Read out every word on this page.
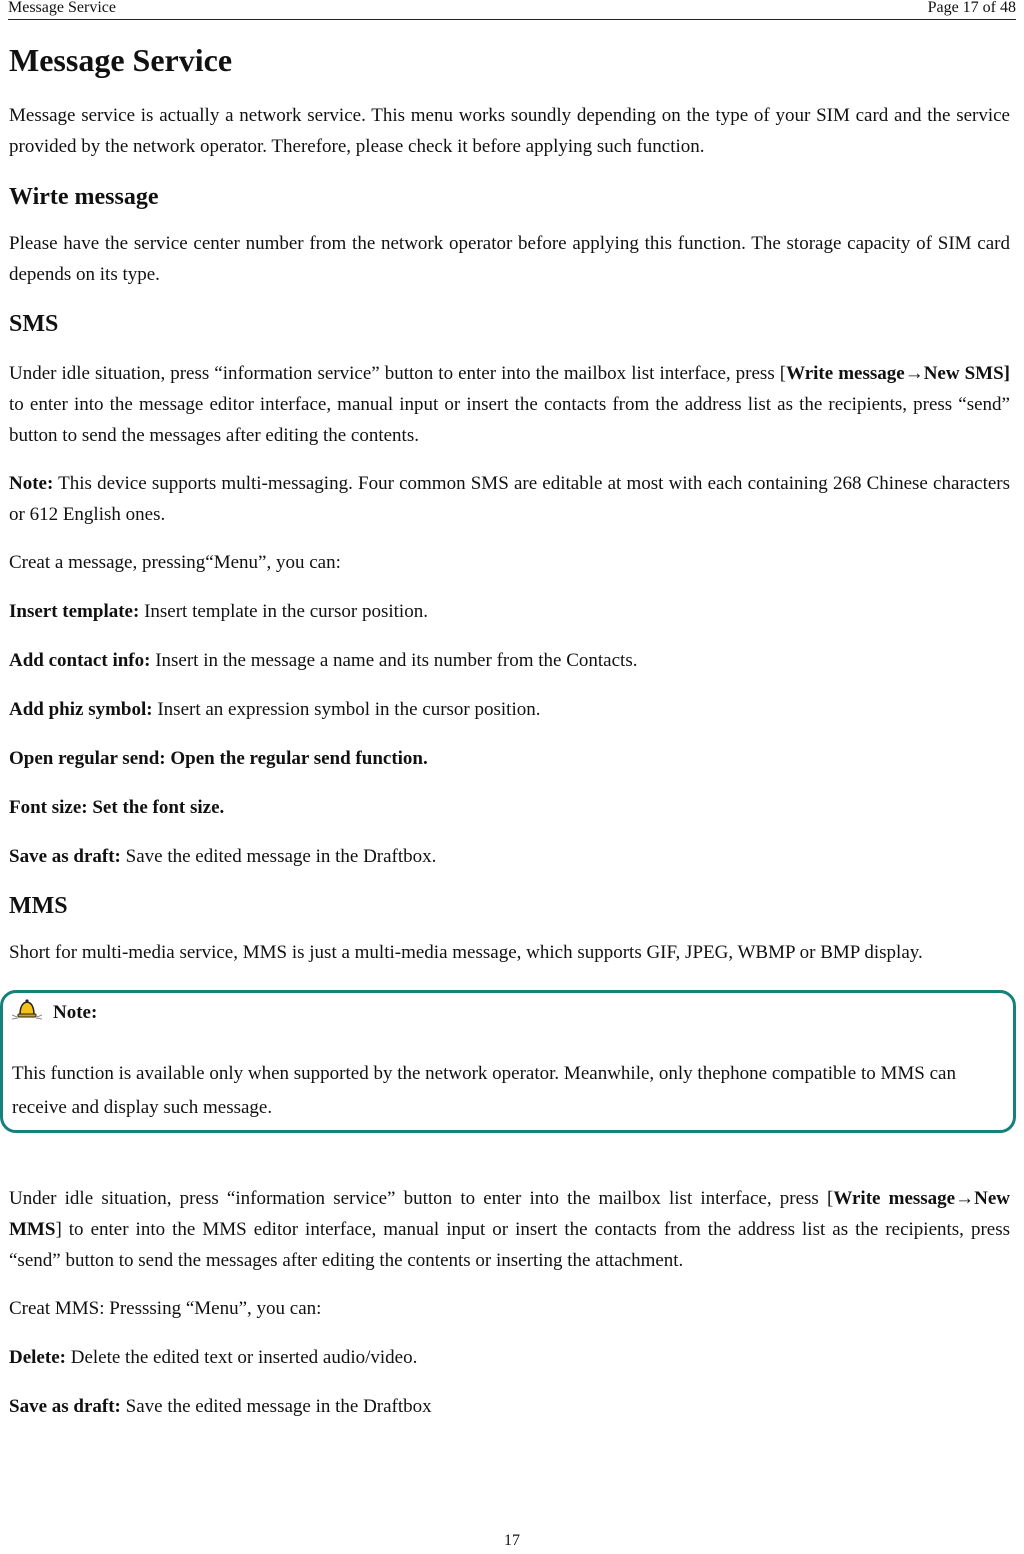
Message Service	Page 17 of 48
Message Service

Message service is actually a network service. This menu works soundly depending on the type of your SIM card and the service provided by the network operator. Therefore, please check it before applying such function.

Wirte message

Please have the service center number from the network operator before applying this function. The storage capacity of SIM card depends on its type.

SMS

Under idle situation, press “information service” button to enter into the mailbox list interface, press [Write message→New SMS] to enter into the message editor interface, manual input or insert the contacts from the address list as the recipients, press “send” button to send the messages after editing the contents.

Note: This device supports multi-messaging. Four common SMS are editable at most with each containing 268 Chinese characters or 612 English ones.

Creat a message, pressing“Menu”, you can:

Insert template: Insert template in the cursor position.

Add contact info: Insert in the message a name and its number from the Contacts.

Add phiz symbol: Insert an expression symbol in the cursor position.

Open regular send: Open the regular send function.

Font size: Set the font size.

Save as draft: Save the edited message in the Draftbox.

MMS

Short for multi-media service, MMS is just a multi-media message, which supports GIF, JPEG, WBMP or BMP display.

Note:
This function is available only when supported by the network operator. Meanwhile, only thephone compatible to MMS can receive and display such message.

Under idle situation, press “information service” button to enter into the mailbox list interface, press [Write message→New MMS] to enter into the MMS editor interface, manual input or insert the contacts from the address list as the recipients, press “send” button to send the messages after editing the contents or inserting the attachment.

Creat MMS: Presssing “Menu”, you can:

Delete: Delete the edited text or inserted audio/video.

Save as draft: Save the edited message in the Draftbox

17
